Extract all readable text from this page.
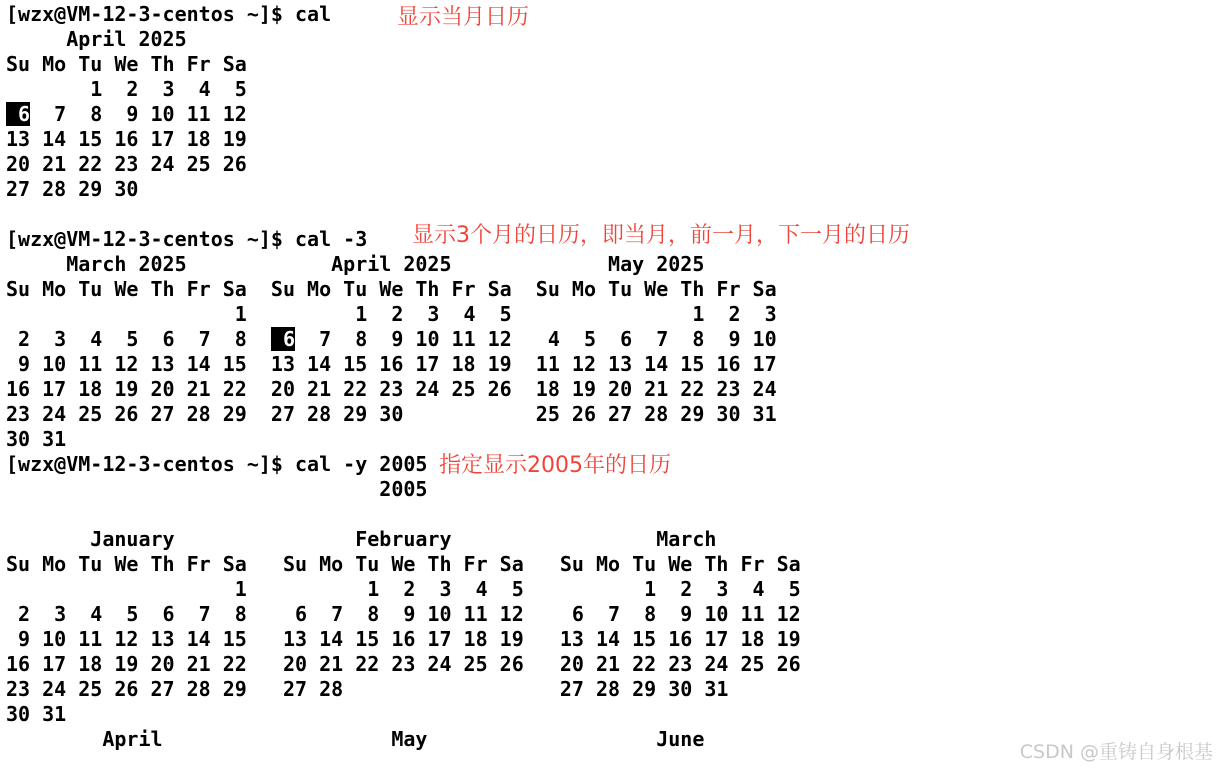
[wzx@VM-12-3-centos ~]$ cal
April 2025
Su Mo Tu We Th Fr Sa
1  2  3  4  5
6  7  8  9 10 11 12
13 14 15 16 17 18 19
20 21 22 23 24 25 26
27 28 29 30
[wzx@VM-12-3-centos ~]$ cal -3
March 2025            April 2025             May 2025
Su Mo Tu We Th Fr Sa  Su Mo Tu We Th Fr Sa  Su Mo Tu We Th Fr Sa
1         1  2  3  4  5               1  2  3
2  3  4  5  6  7  8   6  7  8  9 10 11 12   4  5  6  7  8  9 10
9 10 11 12 13 14 15  13 14 15 16 17 18 19  11 12 13 14 15 16 17
16 17 18 19 20 21 22  20 21 22 23 24 25 26  18 19 20 21 22 23 24
23 24 25 26 27 28 29  27 28 29 30           25 26 27 28 29 30 31
30 31
[wzx@VM-12-3-centos ~]$ cal -y 2005
2005
January               February                 March
Su Mo Tu We Th Fr Sa   Su Mo Tu We Th Fr Sa   Su Mo Tu We Th Fr Sa
1          1  2  3  4  5          1  2  3  4  5
2  3  4  5  6  7  8    6  7  8  9 10 11 12    6  7  8  9 10 11 12
9 10 11 12 13 14 15   13 14 15 16 17 18 19   13 14 15 16 17 18 19
16 17 18 19 20 21 22   20 21 22 23 24 25 26   20 21 22 23 24 25 26
23 24 25 26 27 28 29   27 28                  27 28 29 30 31
30 31
April                   May                   June
显示当月日历
显示3个月的日历，即当月，前一月，下一月的日历
指定显示2005年的日历
CSDN @重铸自身根基
